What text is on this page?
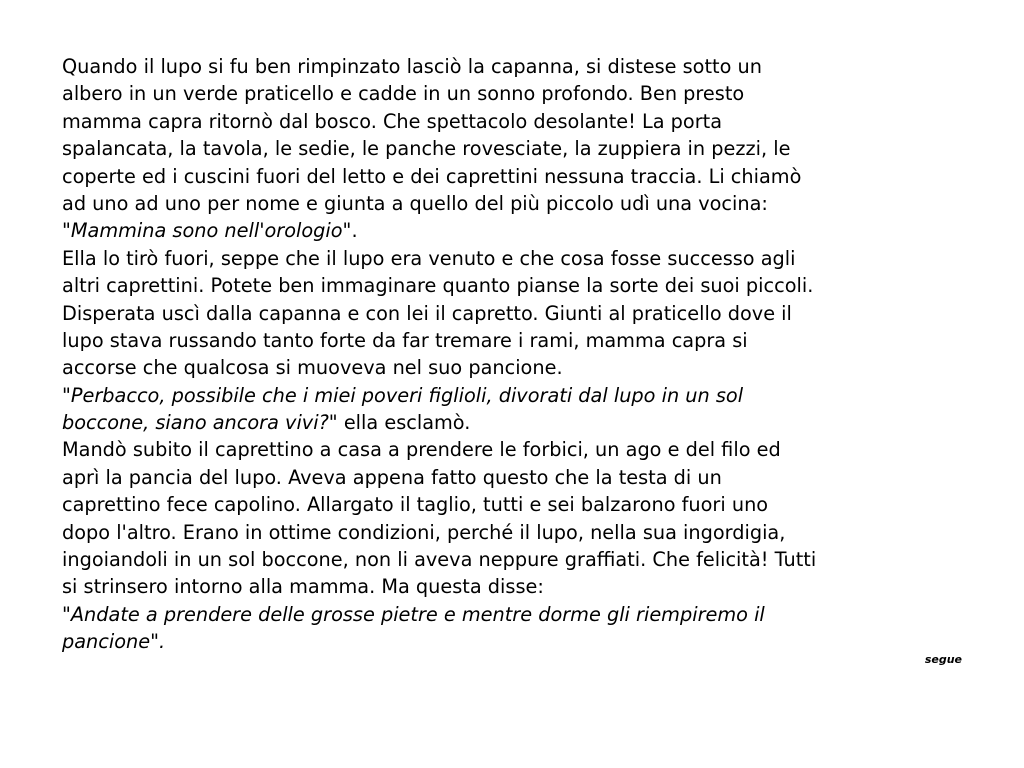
Quando il lupo si fu ben rimpinzato lasciò la capanna, si distese sotto un
albero in un verde praticello e cadde in un sonno profondo. Ben presto
mamma capra ritornò dal bosco. Che spettacolo desolante! La porta
spalancata, la tavola, le sedie, le panche rovesciate, la zuppiera in pezzi, le
coperte ed i cuscini fuori del letto e dei caprettini nessuna traccia. Li chiamò
ad uno ad uno per nome e giunta a quello del più piccolo udì una vocina:
"Mammina sono nell'orologio".
Ella lo tirò fuori, seppe che il lupo era venuto e che cosa fosse successo agli
altri caprettini. Potete ben immaginare quanto pianse la sorte dei suoi piccoli.
Disperata uscì dalla capanna e con lei il capretto. Giunti al praticello dove il
lupo stava russando tanto forte da far tremare i rami, mamma capra si
accorse che qualcosa si muoveva nel suo pancione.
"Perbacco, possibile che i miei poveri figlioli, divorati dal lupo in un sol
boccone, siano ancora vivi?" ella esclamò.
Mandò subito il caprettino a casa a prendere le forbici, un ago e del filo ed
aprì la pancia del lupo. Aveva appena fatto questo che la testa di un
caprettino fece capolino. Allargato il taglio, tutti e sei balzarono fuori uno
dopo l'altro. Erano in ottime condizioni, perché il lupo, nella sua ingordigia,
ingoiandoli in un sol boccone, non li aveva neppure graffiati. Che felicità! Tutti
si strinsero intorno alla mamma. Ma questa disse:
"Andate a prendere delle grosse pietre e mentre dorme gli riempiremo il
pancione".
segue
